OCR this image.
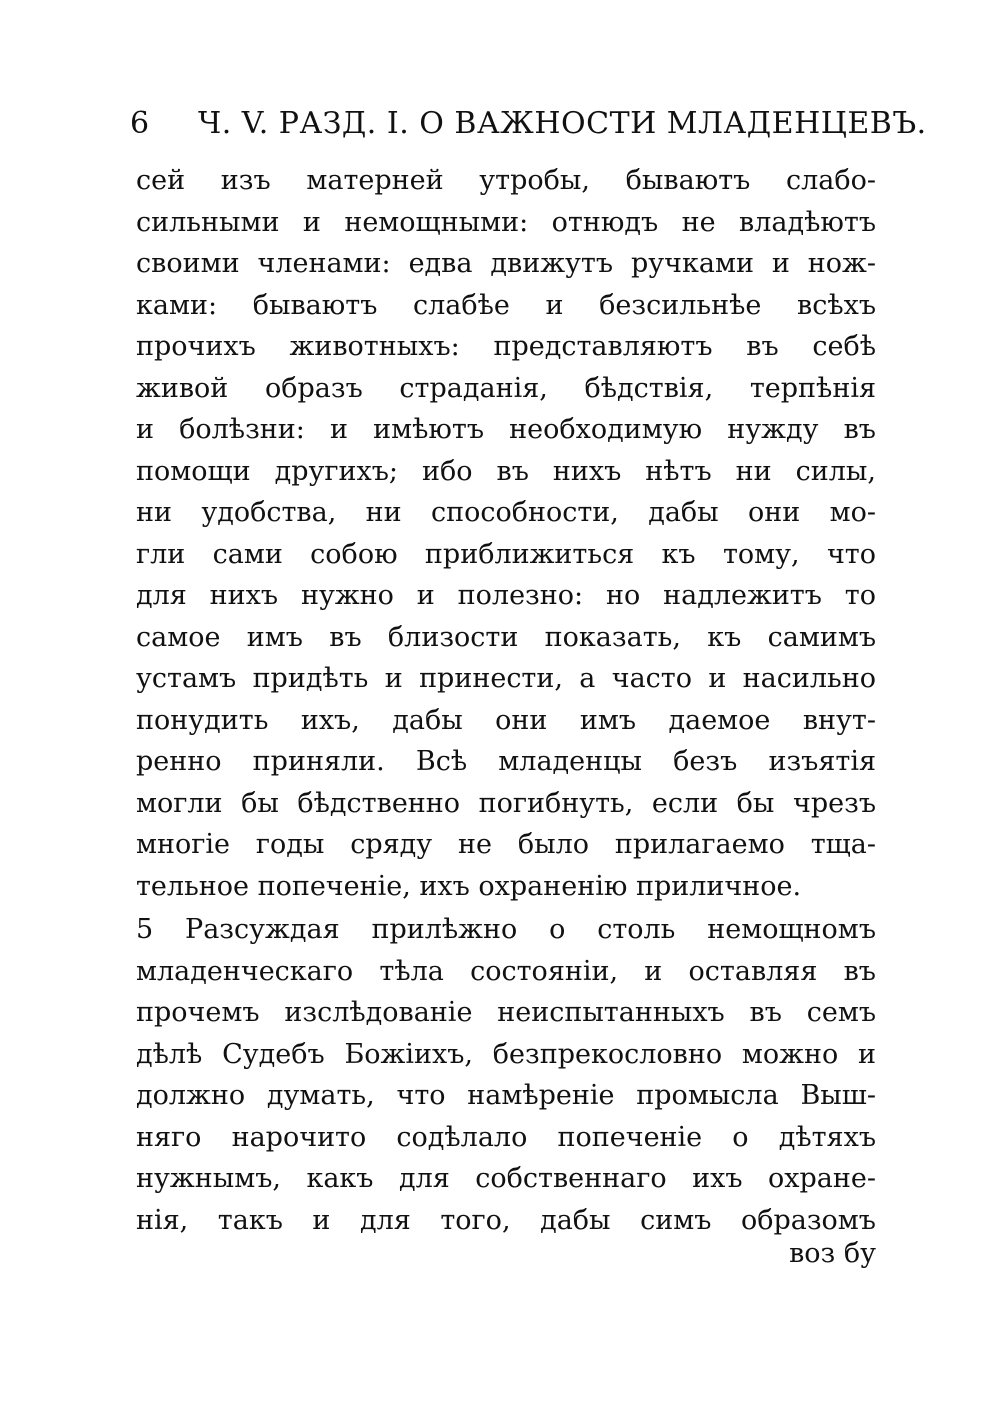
6 Ч. V. РАЗД. I. О ВАЖНОСТИ МЛАДЕНЦЕВЪ.
сей изъ матерней утробы, бываютъ слабо-
сильными и немощными: отнюдъ не владѣютъ
своими членами: едва движутъ ручками и нож-
ками: бываютъ слабѣе и безсильнѣе всѣхъ
прочихъ животныхъ: представляютъ въ себѣ
живой образъ страданія, бѣдствія, терпѣнія
и болѣзни: и имѣютъ необходимую нужду въ
помощи другихъ; ибо въ нихъ нѣтъ ни силы,
ни удобства, ни способности, дабы они мо-
гли сами собою приближиться къ тому, что
для нихъ нужно и полезно: но надлежитъ то
самое имъ въ близости показать, къ самимъ
устамъ придѣть и принести, а часто и насильно
понудить ихъ, дабы они имъ даемое внут-
ренно приняли. Всѣ младенцы безъ изъятія
могли бы бѣдственно погибнуть, если бы чрезъ
многіе годы сряду не было прилагаемо тща-
тельное попеченіе, ихъ охраненію приличное.
5 Разсуждая прилѣжно о столь немощномъ
младенческаго тѣла состояніи, и оставляя въ
прочемъ изслѣдованіе неиспытанныхъ въ семъ
дѣлѣ Судебъ Божіихъ, безпрекословно можно и
должно думать, что намѣреніе промысла Выш-
няго нарочито содѣлало попеченіе о дѣтяхъ
нужнымъ, какъ для собственнаго ихъ охране-
нія, такъ и для того, дабы симъ образомъ
воз бу
